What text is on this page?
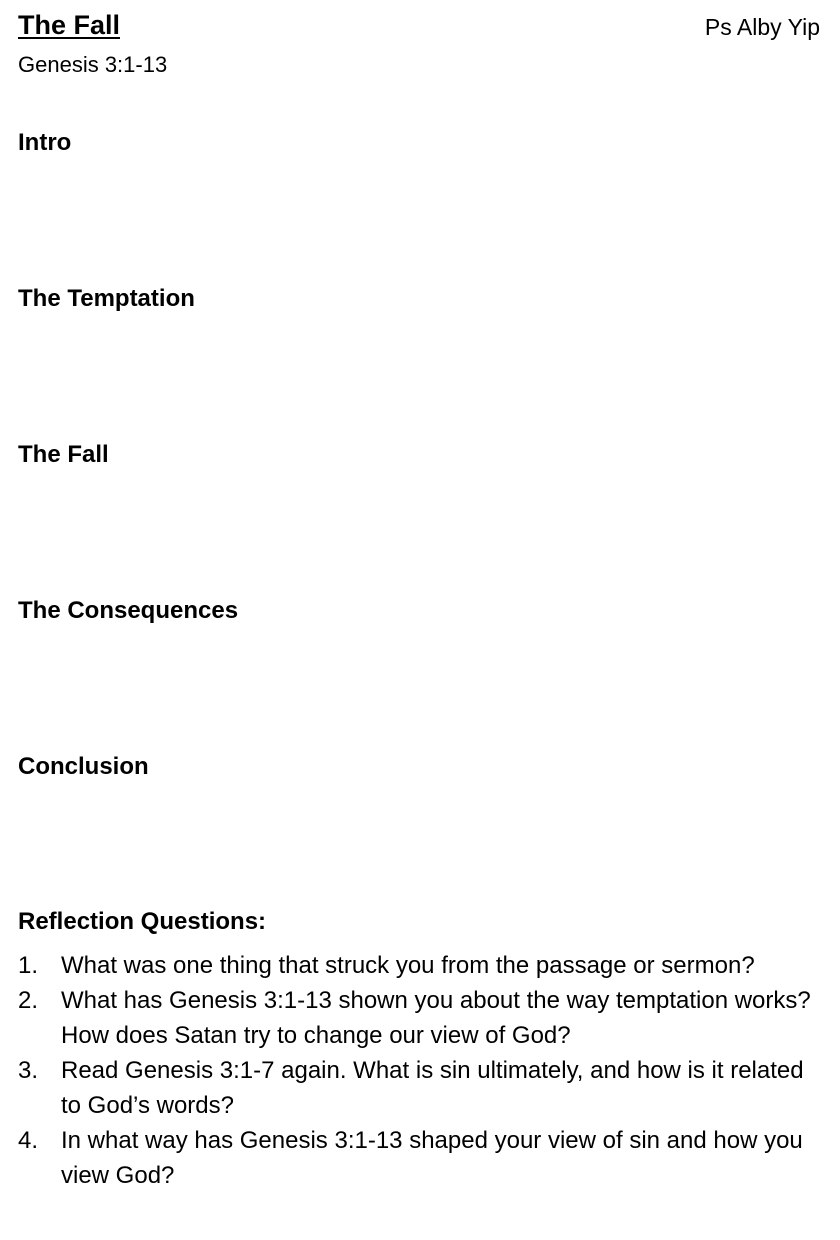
The Fall	Ps Alby Yip
Genesis 3:1-13
Intro
The Temptation
The Fall
The Consequences
Conclusion
Reflection Questions:
1. What was one thing that struck you from the passage or sermon?
2. What has Genesis 3:1-13 shown you about the way temptation works? How does Satan try to change our view of God?
3. Read Genesis 3:1-7 again. What is sin ultimately, and how is it related to God’s words?
4. In what way has Genesis 3:1-13 shaped your view of sin and how you view God?
